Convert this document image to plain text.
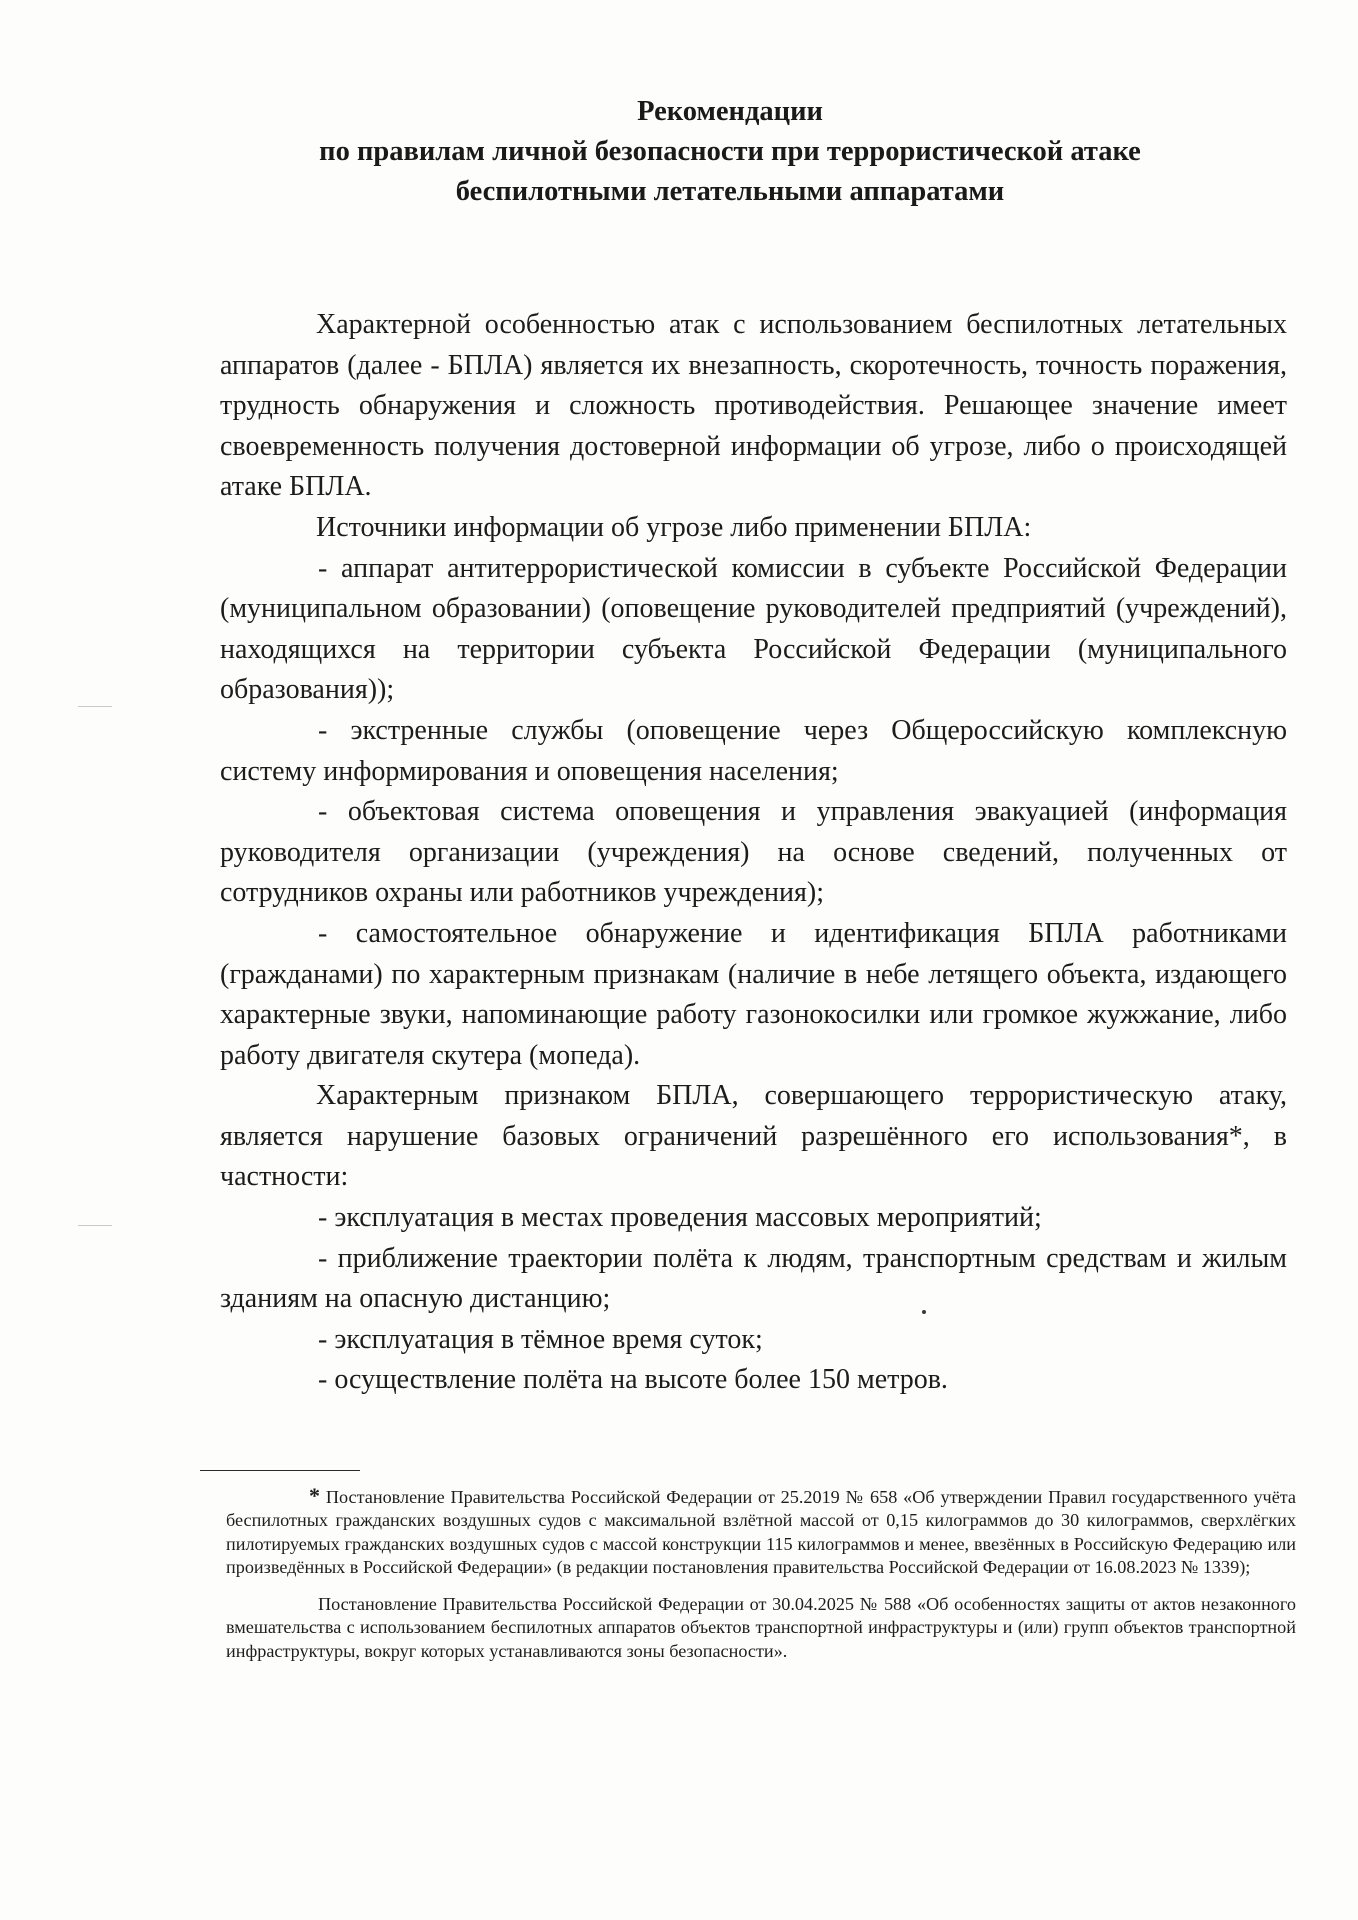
Рекомендации
по правилам личной безопасности при террористической атаке
беспилотными летательными аппаратами

Характерной особенностью атак с использованием беспилотных летательных аппаратов (далее - БПЛА) является их внезапность, скоротечность, точность поражения, трудность обнаружения и сложность противодействия. Решающее значение имеет своевременность получения достоверной информации об угрозе, либо о происходящей атаке БПЛА.

Источники информации об угрозе либо применении БПЛА:

- аппарат антитеррористической комиссии в субъекте Российской Федерации (муниципальном образовании) (оповещение руководителей предприятий (учреждений), находящихся на территории субъекта Российской Федерации (муниципального образования));

- экстренные службы (оповещение через Общероссийскую комплексную систему информирования и оповещения населения;

- объектовая система оповещения и управления эвакуацией (информация руководителя организации (учреждения) на основе сведений, полученных от сотрудников охраны или работников учреждения);

- самостоятельное обнаружение и идентификация БПЛА работниками (гражданами) по характерным признакам (наличие в небе летящего объекта, издающего характерные звуки, напоминающие работу газонокосилки или громкое жужжание, либо работу двигателя скутера (мопеда).

Характерным признаком БПЛА, совершающего террористическую атаку, является нарушение базовых ограничений разрешённого его использования*, в частности:

- эксплуатация в местах проведения массовых мероприятий;

- приближение траектории полёта к людям, транспортным средствам и жилым зданиям на опасную дистанцию;

- эксплуатация в тёмное время суток;

- осуществление полёта на высоте более 150 метров.

* Постановление Правительства Российской Федерации от 25.2019 № 658 «Об утверждении Правил государственного учёта беспилотных гражданских воздушных судов с максимальной взлётной массой от 0,15 килограммов до 30 килограммов, сверхлёгких пилотируемых гражданских воздушных судов с массой конструкции 115 килограммов и менее, ввезённых в Российскую Федерацию или произведённых в Российской Федерации» (в редакции постановления правительства Российской Федерации от 16.08.2023 № 1339);

Постановление Правительства Российской Федерации от 30.04.2025 № 588 «Об особенностях защиты от актов незаконного вмешательства с использованием беспилотных аппаратов объектов транспортной инфраструктуры и (или) групп объектов транспортной инфраструктуры, вокруг которых устанавливаются зоны безопасности».
